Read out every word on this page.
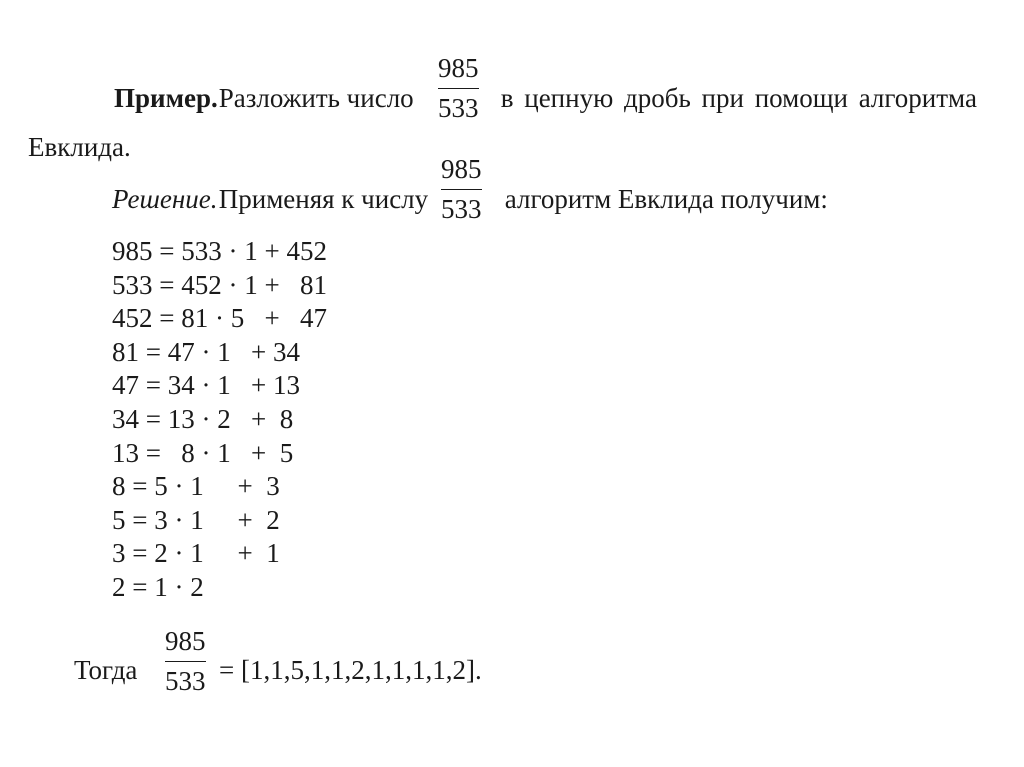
Пример.
Разложить число
985
533 в цепную дробь при помощи алгоритма
Евклида.
Решение.
Применяя к числу
985
533 алгоритм Евклида получим:
985 = 533 · 1 + 452
533 = 452 · 1 +   81
452 = 81 · 5   +   47
81 = 47 · 1   + 34
47 = 34 · 1   + 13
34 = 13 · 2   +  8
13 =   8 · 1   +  5
8 = 5 · 1     +  3
5 = 3 · 1     +  2
3 = 2 · 1     +  1
2 = 1 · 2
Тогда
985
533 = [1,1,5,1,1,2,1,1,1,1,2].
